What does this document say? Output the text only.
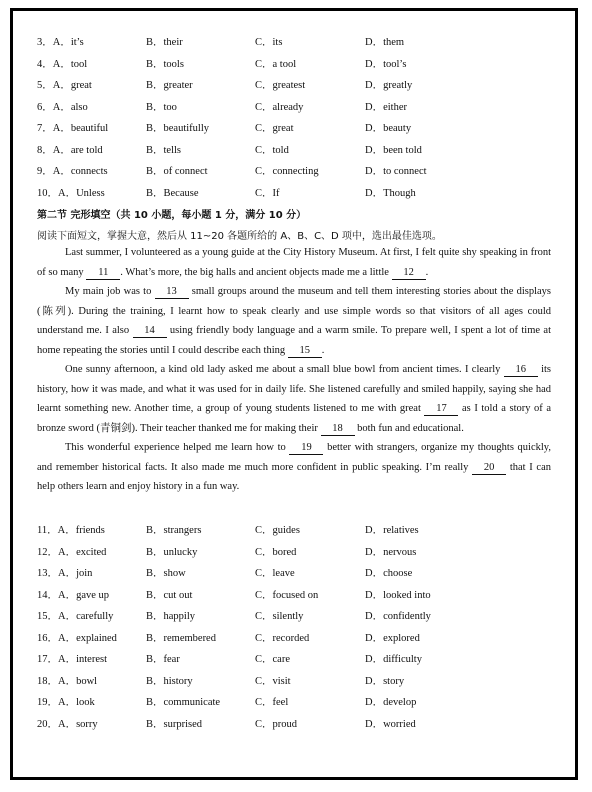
3．A．it’s	B．their	C．its	D．them
4．A．tool	B．tools	C．a tool	D．tool’s
5．A．great	B．greater	C．greatest	D．greatly
6．A．also	B．too	C．already	D．either
7．A．beautiful	B．beautifully	C．great	D．beauty
8．A．are told	B．tells	C．told	D．been told
9．A．connects	B．of connect	C．connecting	D．to connect
10．A．Unless	B．Because	C．If	D．Though
第二节 完形填空（共 10 小题，每小题 1 分，满分 10 分）
阅读下面短文，掌握大意，然后从 11~20 各题所给的 A、B、C、D 项中，选出最佳选项。

Last summer, I volunteered as a young guide at the City History Museum. At first, I felt quite shy speaking in front of so many 11 . What’s more, the big halls and ancient objects made me a little 12 .

My main job was to 13 small groups around the museum and tell them interesting stories about the displays (陈列). During the training, I learnt how to speak clearly and use simple words so that visitors of all ages could understand me. I also 14 using friendly body language and a warm smile. To prepare well, I spent a lot of time at home repeating the stories until I could describe each thing 15 .

One sunny afternoon, a kind old lady asked me about a small blue bowl from ancient times. I clearly 16 its history, how it was made, and what it was used for in daily life. She listened carefully and smiled happily, saying she had learnt something new. Another time, a group of young students listened to me with great 17 as I told a story of a bronze sword (青铜剑). Their teacher thanked me for making their 18 both fun and educational.

This wonderful experience helped me learn how to 19 better with strangers, organize my thoughts quickly, and remember historical facts. It also made me much more confident in public speaking. I’m really 20 that I can help others learn and enjoy history in a fun way.

11．A．friends	B．strangers	C．guides	D．relatives
12．A．excited	B．unlucky	C．bored	D．nervous
13．A．join	B．show	C．leave	D．choose
14．A．gave up	B．cut out	C．focused on	D．looked into
15．A．carefully	B．happily	C．silently	D．confidently
16．A．explained	B．remembered	C．recorded	D．explored
17．A．interest	B．fear	C．care	D．difficulty
18．A．bowl	B．history	C．visit	D．story
19．A．look	B．communicate	C．feel	D．develop
20．A．sorry	B．surprised	C．proud	D．worried
